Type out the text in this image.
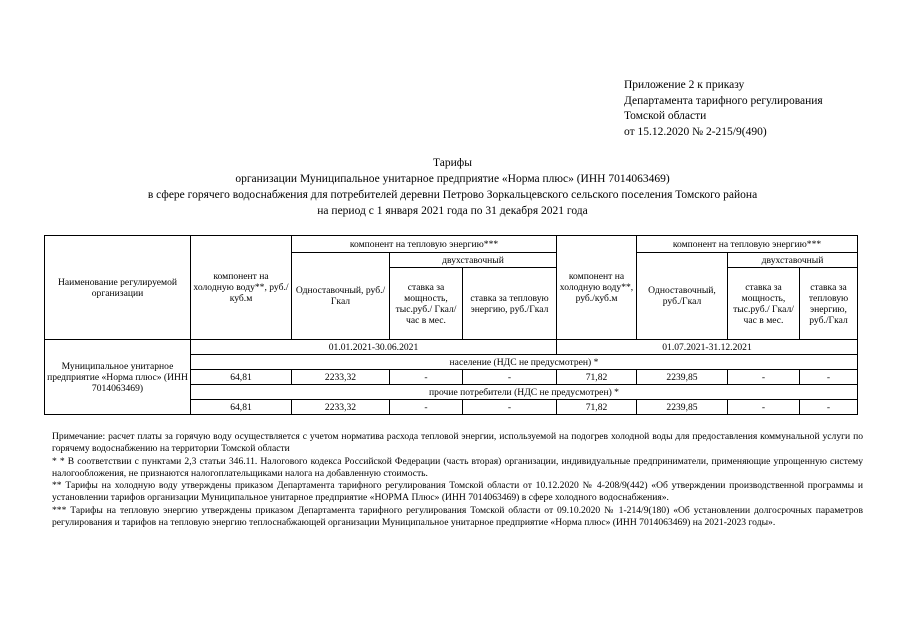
Приложение 2 к приказу
Департамента тарифного регулирования
Томской области
от 15.12.2020 № 2-215/9(490)
Тарифы
организации Муниципальное унитарное предприятие «Норма плюс» (ИНН 7014063469)
в сфере горячего водоснабжения для потребителей деревни Петрово Зоркальцевского сельского поселения Томского района
на период с 1 января 2021 года по 31 декабря 2021 года
Наименование регулируемой организации	компонент на холодную воду**, руб./куб.м	компонент на тепловую энергию***			компонент на холодную воду**, руб./куб.м	компонент на тепловую энергию***		
		Одноставочный, руб./Гкал	двухставочный			Одноставочный, руб./Гкал	двухставочный	
			ставка за мощность, тыс.руб./ Гкал/час в мес.	ставка за тепловую энергию, руб./Гкал			ставка за мощность, тыс.руб./ Гкал/час в мес.	ставка за тепловую энергию, руб./Гкал
Муниципальное унитарное предприятие «Норма плюс» (ИНН 7014063469)	01.01.2021-30.06.2021				01.07.2021-31.12.2021			
	население (НДС не предусмотрен) *							
	64,81	2233,32	-	-	71,82	2239,85	-	-
	прочие потребители (НДС не предусмотрен) *							
	64,81	2233,32	-	-	71,82	2239,85	-	-

Примечание: расчет платы за горячую воду осуществляется с учетом норматива расхода тепловой энергии, используемой на подогрев холодной воды для предоставления коммунальной услуги по горячему водоснабжению на территории Томской области

* * В соответствии с пунктами 2,3 статьи 346.11. Налогового кодекса Российской Федерации (часть вторая) организации, индивидуальные предприниматели, применяющие упрощенную систему налогообложения, не признаются налогоплательщиками налога на добавленную стоимость.

** Тарифы на холодную воду утверждены приказом Департамента тарифного регулирования Томской области от 10.12.2020 № 4-208/9(442) «Об утверждении производственной программы и установлении тарифов организации Муниципальное унитарное предприятие «НОРМА Плюс» (ИНН 7014063469) в сфере холодного водоснабжения».

*** Тарифы на тепловую энергию утверждены приказом Департамента тарифного регулирования Томской области от 09.10.2020 № 1-214/9(180) «Об установлении долгосрочных параметров регулирования и тарифов на тепловую энергию теплоснабжающей организации Муниципальное унитарное предприятие «Норма плюс» (ИНН 7014063469) на 2021-2023 годы».
